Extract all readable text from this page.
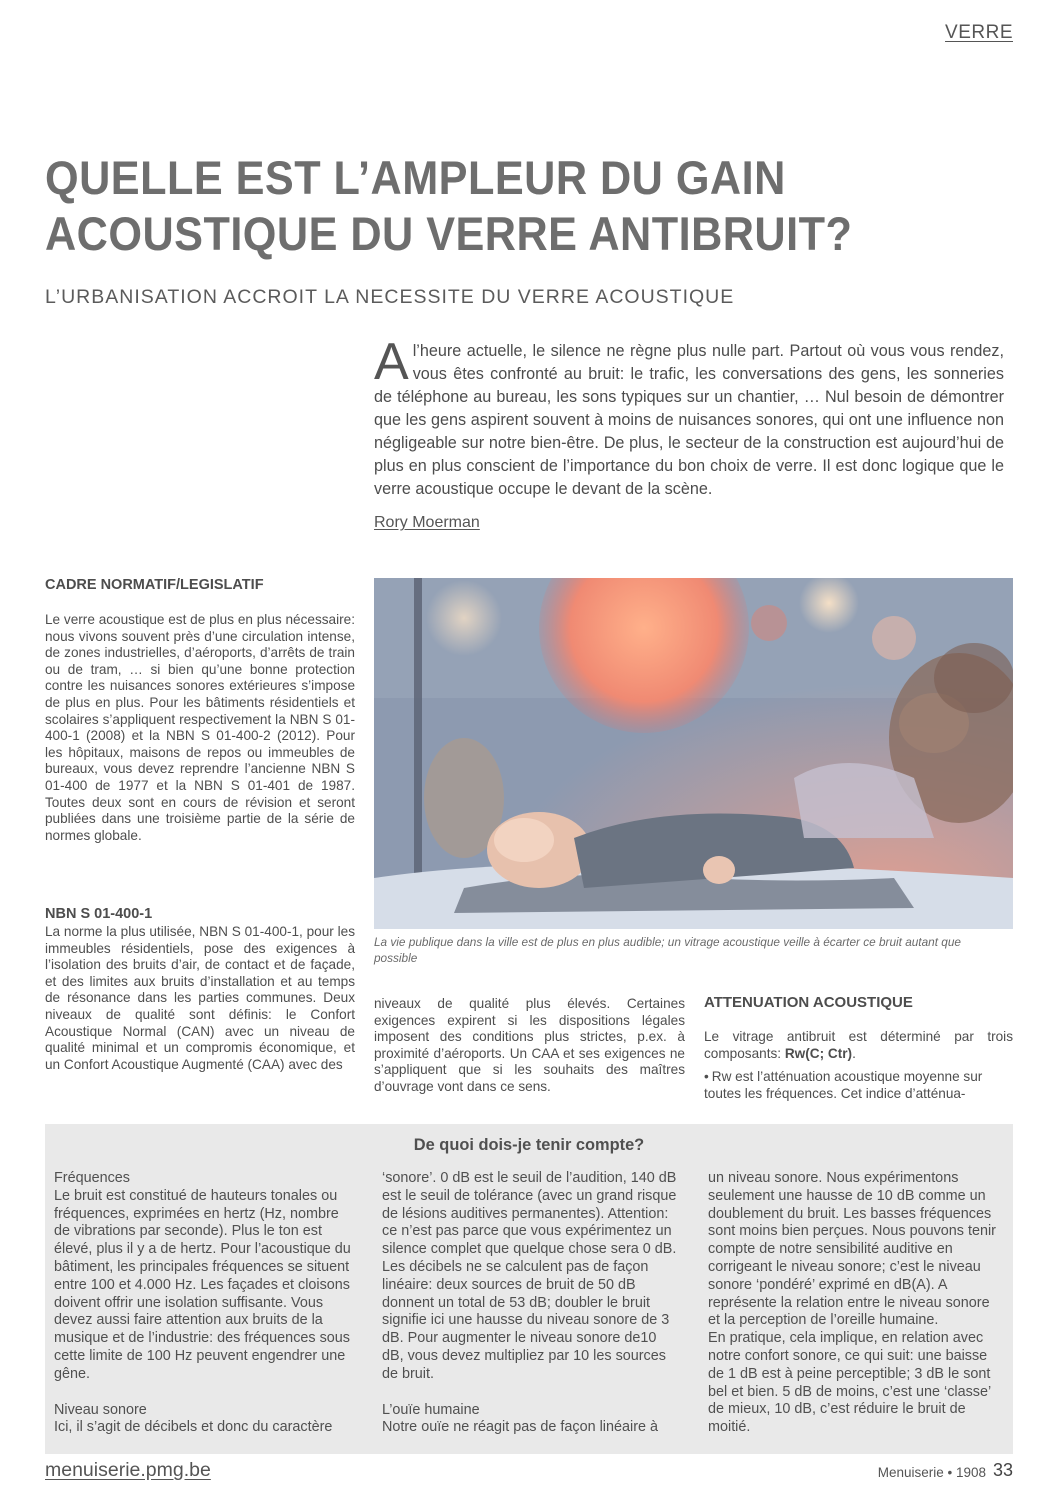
VERRE
QUELLE EST L’AMPLEUR DU GAIN
ACOUSTIQUE DU VERRE ANTIBRUIT?
L’URBANISATION ACCROIT LA NECESSITE DU VERRE ACOUSTIQUE

A l’heure actuelle, le silence ne règne plus nulle part. Partout où vous vous rendez, vous êtes confronté au bruit: le trafic, les conversations des gens, les sonneries de téléphone au bureau, les sons typiques sur un chantier, … Nul besoin de démontrer que les gens aspirent souvent à moins de nuisances sonores, qui ont une influence non négligeable sur notre bien-être. De plus, le secteur de la construction est aujourd’hui de plus en plus conscient de l’importance du bon choix de verre. Il est donc logique que le verre acoustique occupe le devant de la scène.

Rory Moerman
CADRE NORMATIF/LEGISLATIF

Le verre acoustique est de plus en plus nécessaire: nous vivons souvent près d’une circulation intense, de zones industrielles, d’aéroports, d’arrêts de train ou de tram, … si bien qu’une bonne protection contre les nuisances sonores extérieures s’impose de plus en plus. Pour les bâtiments résidentiels et scolaires s’appliquent respectivement la NBN S 01-400-1 (2008) et la NBN S 01-400-2 (2012). Pour les hôpitaux, maisons de repos ou immeubles de bureaux, vous devez reprendre l’ancienne NBN S 01-400 de 1977 et la NBN S 01-401 de 1987. Toutes deux sont en cours de révision et seront publiées dans une troisième partie de la série de normes globale.

NBN S 01-400-1

La norme la plus utilisée, NBN S 01-400-1, pour les immeubles résidentiels, pose des exigences à l’isolation des bruits d’air, de contact et de façade, et des limites aux bruits d’installation et au temps de résonance dans les parties communes. Deux niveaux de qualité sont définis: le Confort Acoustique Normal (CAN) avec un niveau de qualité minimal et un compromis économique, et un Confort Acoustique Augmenté (CAA) avec des

La vie publique dans la ville est de plus en plus audible; un vitrage acoustique veille à écarter ce bruit autant que possible

niveaux de qualité plus élevés. Certaines exigences expirent si les dispositions légales imposent des conditions plus strictes, p.ex. à proximité d’aéroports. Un CAA et ses exigences ne s’appliquent que si les souhaits des maîtres d’ouvrage vont dans ce sens.

ATTENUATION ACOUSTIQUE

Le vitrage antibruit est déterminé par trois composants: Rw(C; Ctr).

• Rw est l’atténuation acoustique moyenne sur toutes les fréquences. Cet indice d’atténua-

De quoi dois-je tenir compte?
Fréquences

Le bruit est constitué de hauteurs tonales ou fréquences, exprimées en hertz (Hz, nombre de vibrations par seconde). Plus le ton est élevé, plus il y a de hertz. Pour l’acoustique du bâtiment, les principales fréquences se situent entre 100 et 4.000 Hz. Les façades et cloisons doivent offrir une isolation suffisante. Vous devez aussi faire attention aux bruits de la musique et de l’industrie: des fréquences sous cette limite de 100 Hz peuvent engendrer une gêne.

Niveau sonore

Ici, il s’agit de décibels et donc du caractère

‘sonore’. 0 dB est le seuil de l’audition, 140 dB est le seuil de tolérance (avec un grand risque de lésions auditives permanentes). Attention: ce n’est pas parce que vous expérimentez un silence complet que quelque chose sera 0 dB. Les décibels ne se calculent pas de façon linéaire: deux sources de bruit de 50 dB donnent un total de 53 dB; doubler le bruit signifie ici une hausse du niveau sonore de 3 dB. Pour augmenter le niveau sonore de10 dB, vous devez multipliez par 10 les sources de bruit.

L’ouïe humaine

Notre ouïe ne réagit pas de façon linéaire à

un niveau sonore. Nous expérimentons seulement une hausse de 10 dB comme un doublement du bruit. Les basses fréquences sont moins bien perçues. Nous pouvons tenir compte de notre sensibilité auditive en corrigeant le niveau sonore; c’est le niveau sonore ‘pondéré’ exprimé en dB(A). A représente la relation entre le niveau sonore et la perception de l’oreille humaine.

En pratique, cela implique, en relation avec notre confort sonore, ce qui suit: une baisse de 1 dB est à peine perceptible; 3 dB le sont bel et bien. 5 dB de moins, c’est une ‘classe’ de mieux, 10 dB, c’est réduire le bruit de moitié.

menuiserie.pmg.be	Menuiserie • 1908 33
